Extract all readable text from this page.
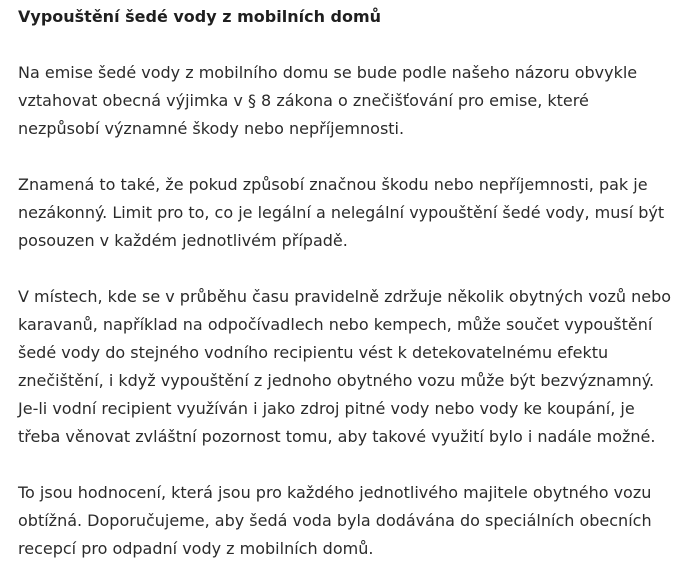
Vypouštění šedé vody z mobilních domů

Na emise šedé vody z mobilního domu se bude podle našeho názoru obvykle
vztahovat obecná výjimka v § 8 zákona o znečišťování pro emise, které
nezpůsobí významné škody nebo nepříjemnosti.

Znamená to také, že pokud způsobí značnou škodu nebo nepříjemnosti, pak je
nezákonný. Limit pro to, co je legální a nelegální vypouštění šedé vody, musí být
posouzen v každém jednotlivém případě.

V místech, kde se v průběhu času pravidelně zdržuje několik obytných vozů nebo
karavanů, například na odpočívadlech nebo kempech, může součet vypouštění
šedé vody do stejného vodního recipientu vést k detekovatelnému efektu
znečištění, i když vypouštění z jednoho obytného vozu může být bezvýznamný.
Je-li vodní recipient využíván i jako zdroj pitné vody nebo vody ke koupání, je
třeba věnovat zvláštní pozornost tomu, aby takové využití bylo i nadále možné.

To jsou hodnocení, která jsou pro každého jednotlivého majitele obytného vozu
obtížná. Doporučujeme, aby šedá voda byla dodávána do speciálních obecních
recepcí pro odpadní vody z mobilních domů.
